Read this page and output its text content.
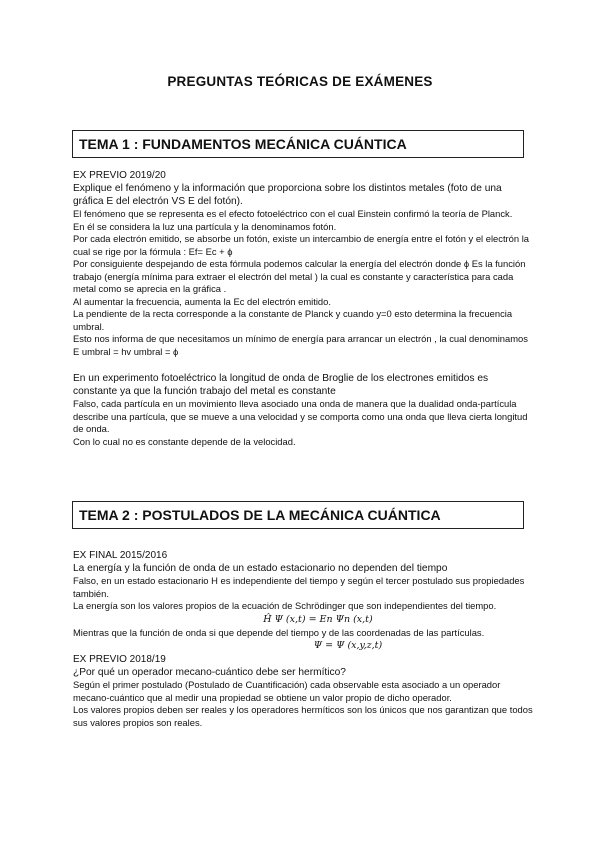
PREGUNTAS TEÓRICAS DE EXÁMENES
TEMA 1 : FUNDAMENTOS MECÁNICA CUÁNTICA

EX PREVIO 2019/20

Explique el fenómeno y la información que proporciona sobre los distintos metales (foto de una gráfica E del electrón VS E del fotón).

El fenómeno que se representa es el efecto fotoeléctrico con el cual Einstein confirmó la teoría de Planck.

En él se considera la luz una partícula y la denominamos fotón.

Por cada electrón emitido, se absorbe un fotón, existe un intercambio de energía entre el fotón y el electrón la cual se rige por la fórmula : Ef= Ec + ϕ

Por consiguiente despejando de esta fórmula podemos calcular la energía del electrón donde ϕ Es la función trabajo (energía mínima para extraer el electrón del metal ) la cual es constante y característica para cada metal como se aprecia en la gráfica .

Al aumentar la frecuencia, aumenta la Ec del electrón emitido.

La pendiente de la recta corresponde a la constante de Planck y cuando y=0 esto determina la frecuencia umbral.

Esto nos informa de que necesitamos un mínimo de energía para arrancar un electrón , la cual denominamos E umbral = hv umbral = ϕ

En un experimento fotoeléctrico la longitud de onda de Broglie de los electrones emitidos es constante ya que la función trabajo del metal es constante

Falso, cada partícula en un movimiento lleva asociado una onda de manera que la dualidad onda-partícula describe una partícula, que se mueve a una velocidad y se comporta como una onda que lleva cierta longitud de onda.

Con lo cual no es constante depende de la velocidad.

TEMA 2 : POSTULADOS DE LA MECÁNICA CUÁNTICA

EX FINAL 2015/2016

La energía y la función de onda de un estado estacionario no dependen del tiempo

Falso, en un estado estacionario H es independiente del tiempo y según el tercer postulado sus propiedades también.

La energía son los valores propios de la ecuación de Schrödinger que son independientes del tiempo.

Ĥ Ψ (x,t) = En Ψn (x,t)

Mientras que la función de onda si que depende del tiempo y de las coordenadas de las partículas.

Ψ = Ψ (x,y,z,t)

EX PREVIO 2018/19

¿Por qué un operador mecano-cuántico debe ser hermítico?

Según el primer postulado (Postulado de Cuantificación) cada observable esta asociado a un operador mecano-cuántico que al medir una propiedad se obtiene un valor propio de dicho operador.

Los valores propios deben ser reales y los operadores hermíticos son los únicos que nos garantizan que todos sus valores propios son reales.
